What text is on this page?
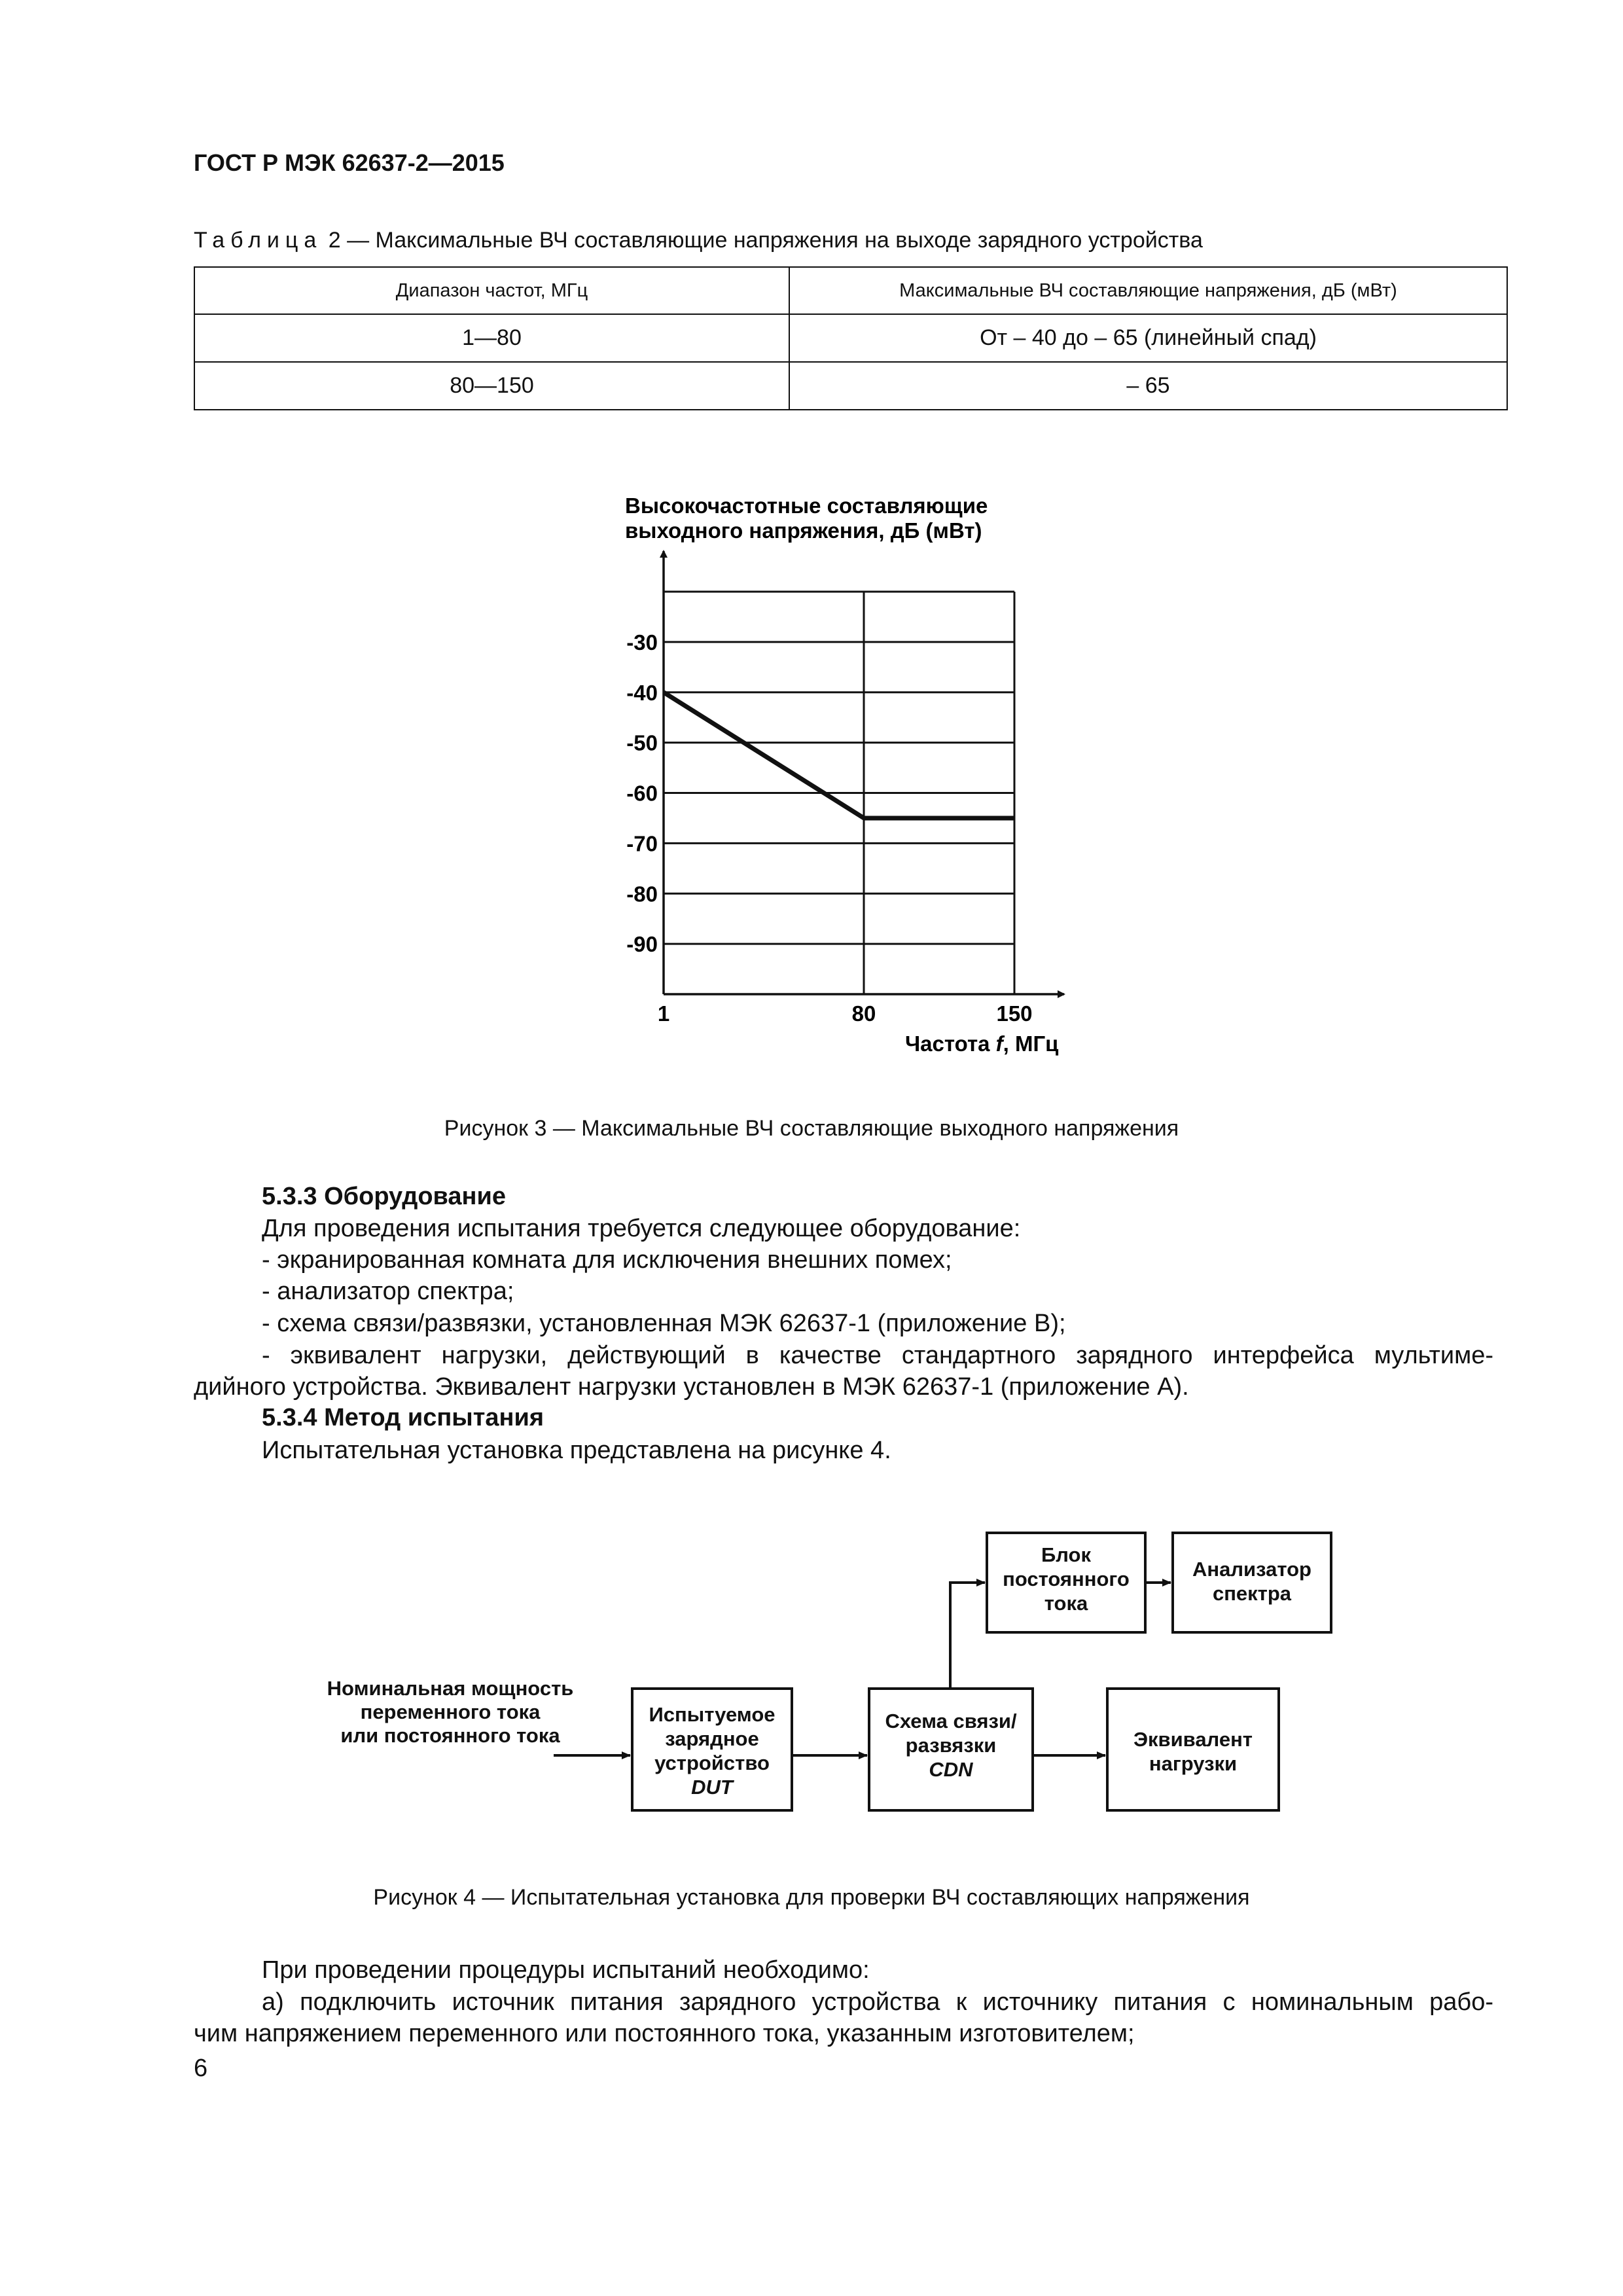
ГОСТ Р МЭК 62637-2—2015
Таблица 2 — Максимальные ВЧ составляющие напряжения на выходе зарядного устройства
Диапазон частот, МГц	Максимальные ВЧ составляющие напряжения, дБ (мВт)
1—80	От – 40 до – 65 (линейный спад)
80—150	– 65
Высокочастотные составляющие
выходного напряжения, дБ (мВт)
-30
-40
-50
-60
-70
-80
-90
1	80	150
Частота f, МГц
Рисунок 3 — Максимальные ВЧ составляющие выходного напряжения
5.3.3 Оборудование
Для проведения испытания требуется следующее оборудование:
- экранированная комната для исключения внешних помех;
- анализатор спектра;
- схема связи/развязки, установленная МЭК 62637-1 (приложение B);
- эквивалент нагрузки, действующий в качестве стандартного зарядного интерфейса мультиме-
дийного устройства. Эквивалент нагрузки установлен в МЭК 62637-1 (приложение А).
5.3.4 Метод испытания
Испытательная установка представлена на рисунке 4.
Номинальная мощность
переменного тока
или постоянного тока
Испытуемое
зарядное
устройство
DUT
Схема связи/
развязки
CDN
Блок
постоянного
тока
Анализатор
спектра
Эквивалент
нагрузки
Рисунок 4 — Испытательная установка для проверки ВЧ составляющих напряжения
При проведении процедуры испытаний необходимо:
а) подключить источник питания зарядного устройства к источнику питания с номинальным рабо-
чим напряжением переменного или постоянного тока, указанным изготовителем;
6
